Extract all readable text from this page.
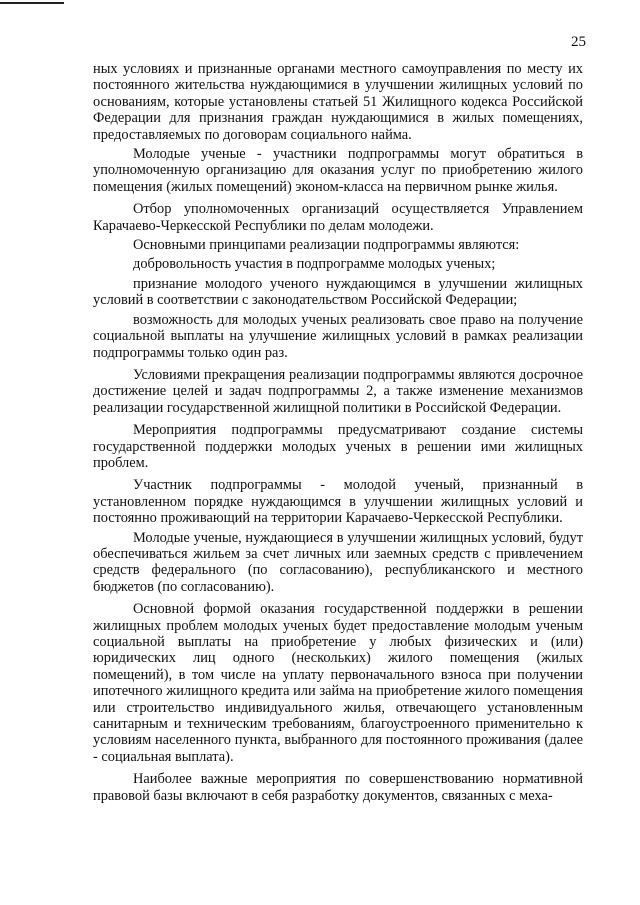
25

ных условиях и признанные органами местного самоуправления по месту их постоянного жительства нуждающимися в улучшении жилищных условий по основаниям, которые установлены статьей 51 Жилищного кодекса Российской Федерации для признания граждан нуждающимися в жилых помещениях, предоставляемых по договорам социального найма.

Молодые ученые - участники подпрограммы могут обратиться в уполномоченную организацию для оказания услуг по приобретению жилого помещения (жилых помещений) эконом-класса на первичном рынке жилья.

Отбор уполномоченных организаций осуществляется Управлением Карачаево-Черкесской Республики по делам молодежи.

Основными принципами реализации подпрограммы являются:

добровольность участия в подпрограмме молодых ученых;

признание молодого ученого нуждающимся в улучшении жилищных условий в соответствии с законодательством Российской Федерации;

возможность для молодых ученых реализовать свое право на получение социальной выплаты на улучшение жилищных условий в рамках реализации подпрограммы только один раз.

Условиями прекращения реализации подпрограммы являются досрочное достижение целей и задач подпрограммы 2, а также изменение механизмов реализации государственной жилищной политики в Российской Федерации.

Мероприятия подпрограммы предусматривают создание системы государственной поддержки молодых ученых в решении ими жилищных проблем.

Участник подпрограммы - молодой ученый, признанный в установленном порядке нуждающимся в улучшении жилищных условий и постоянно проживающий на территории Карачаево-Черкесской Республики.

Молодые ученые, нуждающиеся в улучшении жилищных условий, будут обеспечиваться жильем за счет личных или заемных средств с привлечением средств федерального (по согласованию), республиканского и местного бюджетов (по согласованию).

Основной формой оказания государственной поддержки в решении жилищных проблем молодых ученых будет предоставление молодым ученым социальной выплаты на приобретение у любых физических и (или) юридических лиц одного (нескольких) жилого помещения (жилых помещений), в том числе на уплату первоначального взноса при получении ипотечного жилищного кредита или займа на приобретение жилого помещения или строительство индивидуального жилья, отвечающего установленным санитарным и техническим требованиям, благоустроенного применительно к условиям населенного пункта, выбранного для постоянного проживания (далее - социальная выплата).

Наиболее важные мероприятия по совершенствованию нормативной правовой базы включают в себя разработку документов, связанных с меха-
